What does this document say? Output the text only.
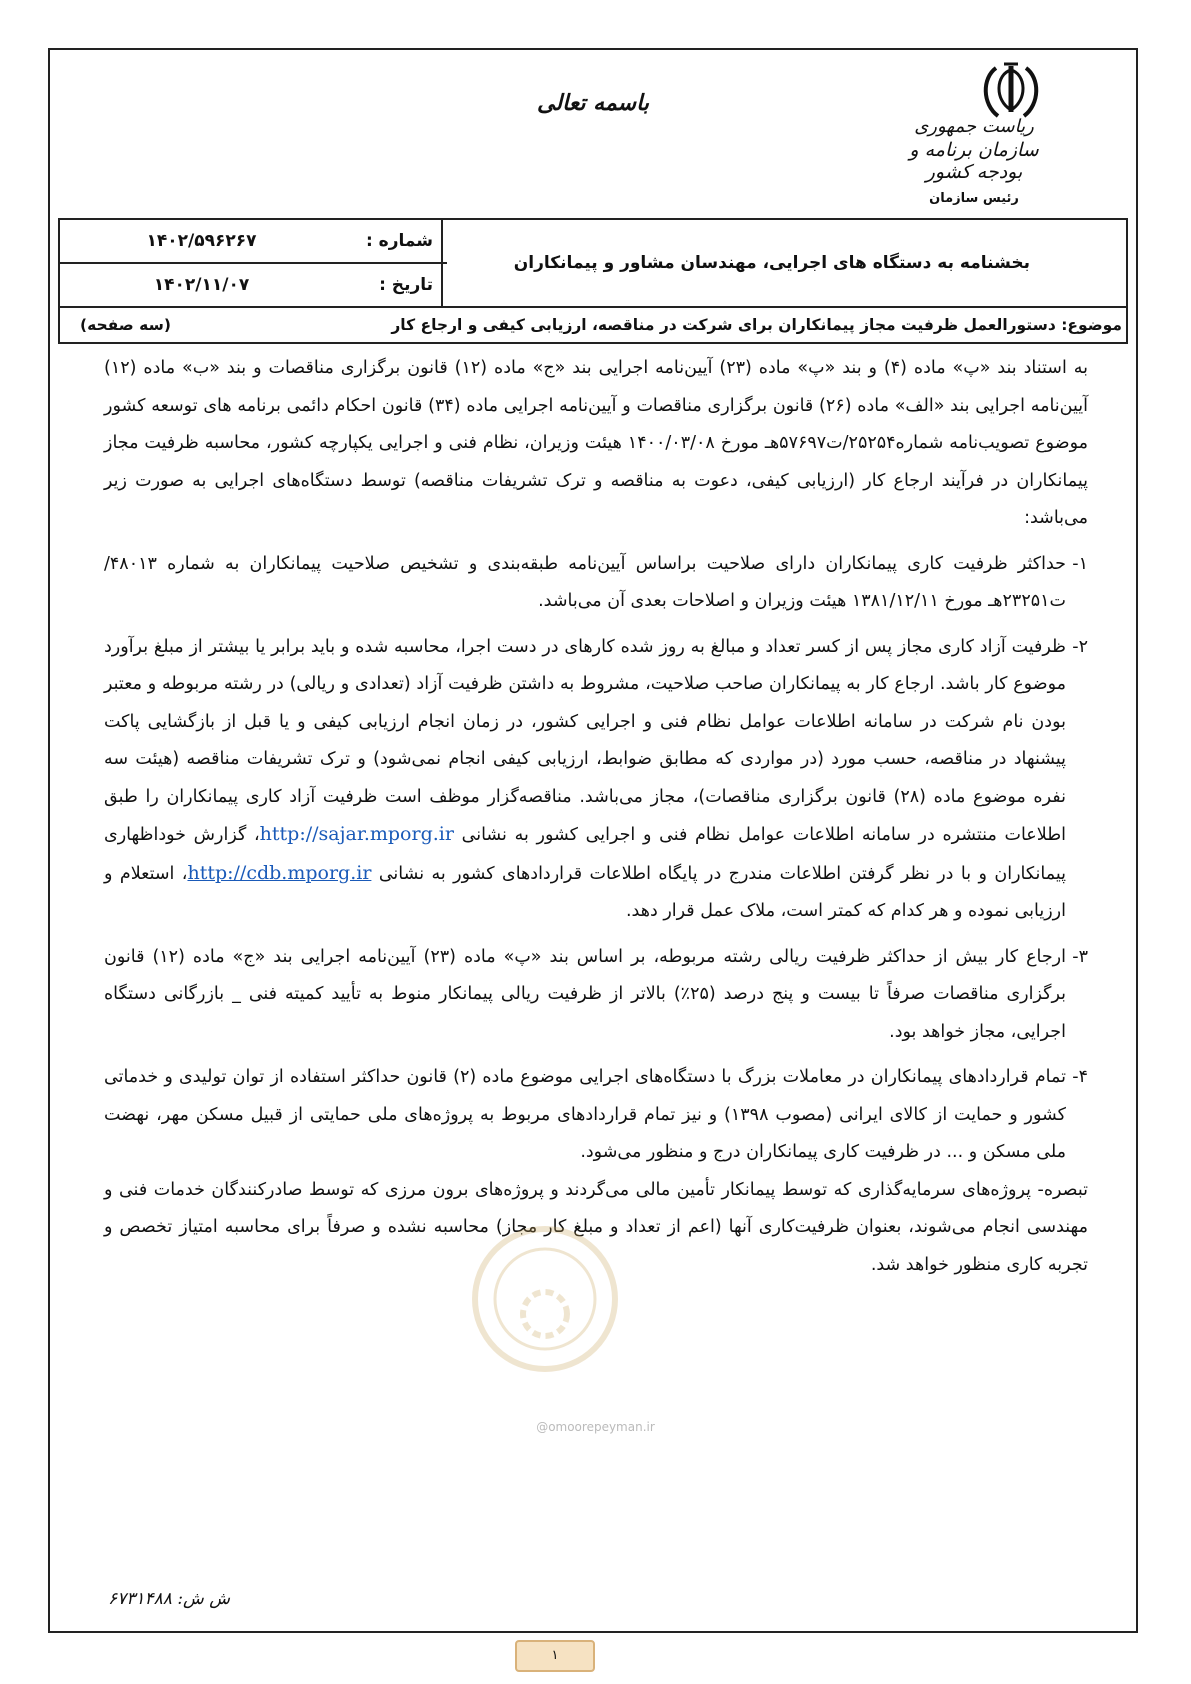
ریاست جمهوری
سازمان برنامه و بودجه کشور
رئیس سازمان
باسمه تعالی
بخشنامه به دستگاه های اجرایی، مهندسان مشاور و پیمانکاران
شماره :
۱۴۰۲/۵۹۶۲۶۷
تاریخ :
۱۴۰۲/۱۱/۰۷
موضوع: دستورالعمل ظرفیت مجاز پیمانکاران برای شرکت در مناقصه، ارزیابی کیفی و ارجاع کار
(سه صفحه)

به استناد بند «پ» ماده (۴) و بند «پ» ماده (۲۳) آیین‌نامه اجرایی بند «ج» ماده (۱۲) قانون برگزاری مناقصات و بند «ب» ماده (۱۲) آیین‌نامه اجرایی بند «الف» ماده (۲۶) قانون برگزاری مناقصات و آیین‌نامه اجرایی ماده (۳۴) قانون احکام دائمی برنامه های توسعه کشور موضوع تصویب‌نامه شماره۲۵۲۵۴/ت۵۷۶۹۷هـ مورخ ۱۴۰۰/۰۳/۰۸ هیئت وزیران، نظام فنی و اجرایی یکپارچه کشور، محاسبه ظرفیت مجاز پیمانکاران در فرآیند ارجاع کار (ارزیابی کیفی، دعوت به مناقصه و ترک تشریفات مناقصه) توسط دستگاه‌های اجرایی به صورت زیر می‌باشد:

۱-
حداکثر ظرفیت کاری پیمانکاران دارای صلاحیت براساس آیین‌نامه طبقه‌بندی و تشخیص صلاحیت پیمانکاران به شماره ۴۸۰۱۳/ت۲۳۲۵۱هـ مورخ ۱۳۸۱/۱۲/۱۱ هیئت وزیران و اصلاحات بعدی آن می‌باشد.
۲-
ظرفیت آزاد کاری مجاز پس از کسر تعداد و مبالغ به روز شده کارهای در دست اجرا، محاسبه شده و باید برابر یا بیشتر از مبلغ برآورد موضوع کار باشد. ارجاع کار به پیمانکاران صاحب صلاحیت، مشروط به داشتن ظرفیت آزاد (تعدادی و ریالی) در رشته مربوطه و معتبر بودن نام شرکت در سامانه اطلاعات عوامل نظام فنی و اجرایی کشور، در زمان انجام ارزیابی کیفی و یا قبل از بازگشایی پاکت پیشنهاد در مناقصه، حسب مورد (در مواردی که مطابق ضوابط، ارزیابی کیفی انجام نمی‌شود) و ترک تشریفات مناقصه (هیئت سه نفره موضوع ماده (۲۸) قانون برگزاری مناقصات)، مجاز می‌باشد. مناقصه‌گزار موظف است ظرفیت آزاد کاری پیمانکاران را طبق اطلاعات منتشره در سامانه اطلاعات عوامل نظام فنی و اجرایی کشور به نشانی http://sajar.mporg.ir، گزارش خوداظهاری پیمانکاران و با در نظر گرفتن اطلاعات مندرج در پایگاه اطلاعات قراردادهای کشور به نشانی http://cdb.mporg.ir، استعلام و ارزیابی نموده و هر کدام که کمتر است، ملاک عمل قرار دهد.
۳-
ارجاع کار بیش از حداکثر ظرفیت ریالی رشته مربوطه، بر اساس بند «پ» ماده (۲۳) آیین‌نامه اجرایی بند «ج» ماده (۱۲) قانون برگزاری مناقصات صرفاً تا بیست و پنج درصد (۲۵٪) بالاتر از ظرفیت ریالی پیمانکار منوط به تأیید کمیته فنی _ بازرگانی دستگاه اجرایی، مجاز خواهد بود.
۴-
تمام قراردادهای پیمانکاران در معاملات بزرگ با دستگاه‌های اجرایی موضوع ماده (۲) قانون حداکثر استفاده از توان تولیدی و خدماتی کشور و حمایت از کالای ایرانی (مصوب ۱۳۹۸) و نیز تمام قراردادهای مربوط به پروژه‌های ملی حمایتی از قبیل مسکن مهر، نهضت ملی مسکن و ... در ظرفیت کاری پیمانکاران درج و منظور می‌شود.

تبصره- پروژه‌های سرمایه‌گذاری که توسط پیمانکار تأمین مالی می‌گردند و پروژه‌های برون مرزی که توسط صادرکنندگان خدمات فنی و مهندسی انجام می‌شوند، بعنوان ظرفیت‌کاری آنها (اعم از تعداد و مبلغ کار مجاز) محاسبه نشده و صرفاً برای محاسبه امتیاز تخصص و تجربه کاری منظور خواهد شد.

ش ش: ۶۷۳۱۴۸۸
@omoorepeyman.ir
۱
